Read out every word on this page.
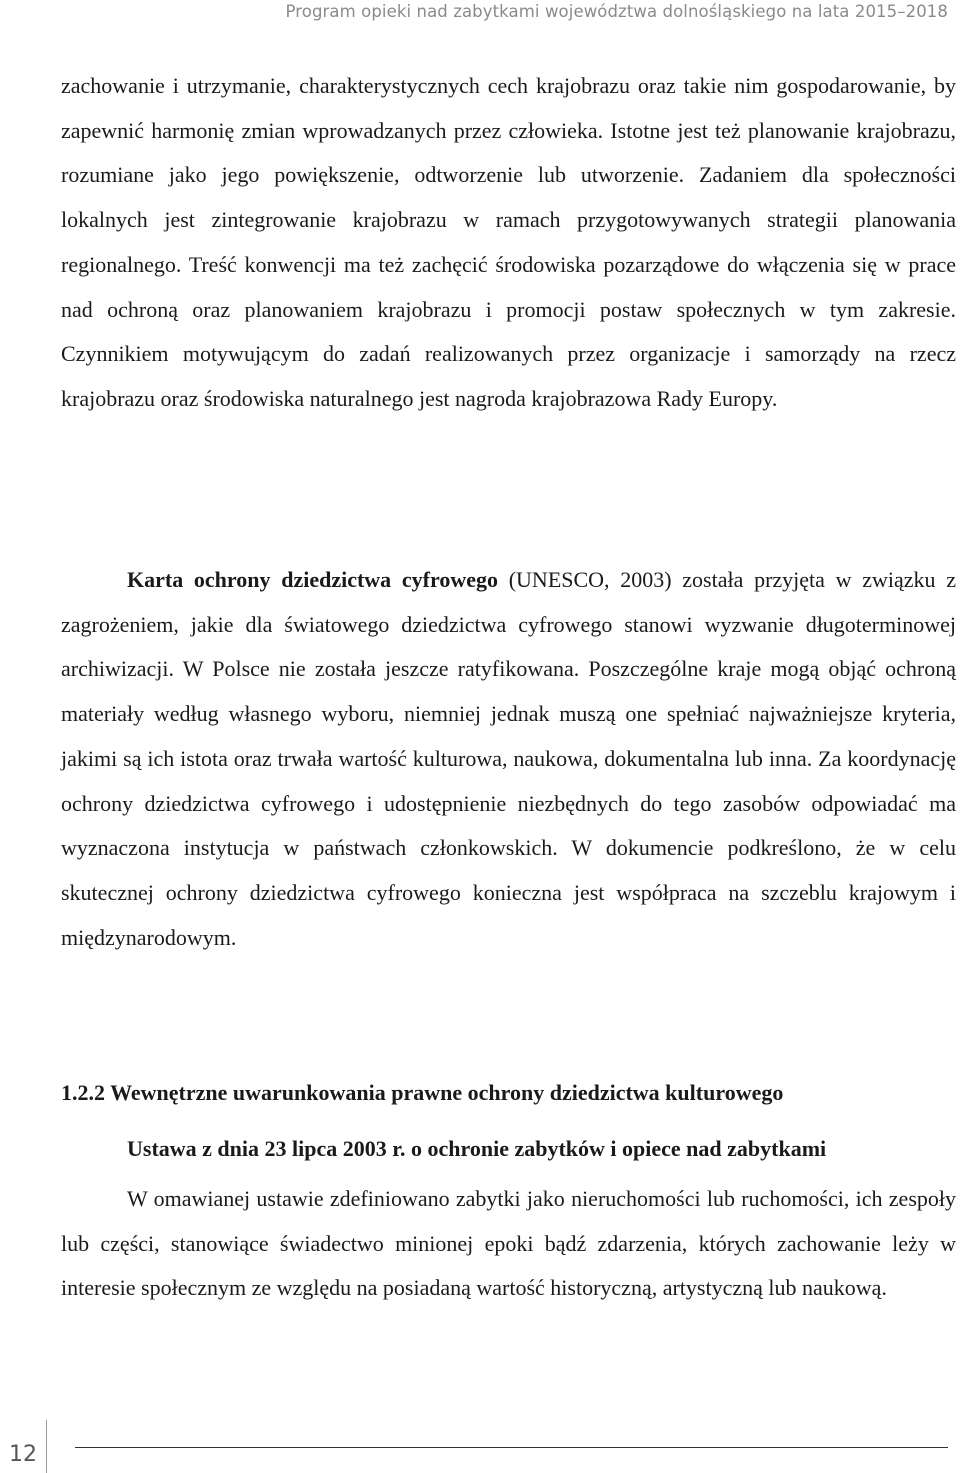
Program opieki nad zabytkami województwa dolnośląskiego na lata 2015–2018

zachowanie i utrzymanie, charakterystycznych cech krajobrazu oraz takie nim gospodarowanie, by zapewnić harmonię zmian wprowadzanych przez człowieka. Istotne jest też planowanie krajobrazu, rozumiane jako jego powiększenie, odtworzenie lub utworzenie. Zadaniem dla społeczności lokalnych jest zintegrowanie krajobrazu w ramach przygotowywanych strategii planowania regionalnego. Treść konwencji ma też zachęcić środowiska pozarządowe do włączenia się w prace nad ochroną oraz planowaniem krajobrazu i promocji postaw społecznych w tym zakresie. Czynnikiem motywującym do zadań realizowanych przez organizacje i samorządy na rzecz krajobrazu oraz środowiska naturalnego jest nagroda krajobrazowa Rady Europy.

Karta ochrony dziedzictwa cyfrowego (UNESCO, 2003) została przyjęta w związku z zagrożeniem, jakie dla światowego dziedzictwa cyfrowego stanowi wyzwanie długoterminowej archiwizacji. W Polsce nie została jeszcze ratyfikowana. Poszczególne kraje mogą objąć ochroną materiały według własnego wyboru, niemniej jednak muszą one spełniać najważniejsze kryteria, jakimi są ich istota oraz trwała wartość kulturowa, naukowa, dokumentalna lub inna. Za koordynację ochrony dziedzictwa cyfrowego i udostępnienie niezbędnych do tego zasobów odpowiadać ma wyznaczona instytucja w państwach członkowskich. W dokumencie podkreślono, że w celu skutecznej ochrony dziedzictwa cyfrowego konieczna jest współpraca na szczeblu krajowym i międzynarodowym.

1.2.2 Wewnętrzne uwarunkowania prawne ochrony dziedzictwa kulturowego
Ustawa z dnia 23 lipca 2003 r. o ochronie zabytków i opiece nad zabytkami

W omawianej ustawie zdefiniowano zabytki jako nieruchomości lub ruchomości, ich zespoły lub części, stanowiące świadectwo minionej epoki bądź zdarzenia, których zachowanie leży w interesie społecznym ze względu na posiadaną wartość historyczną, artystyczną lub naukową.

12
